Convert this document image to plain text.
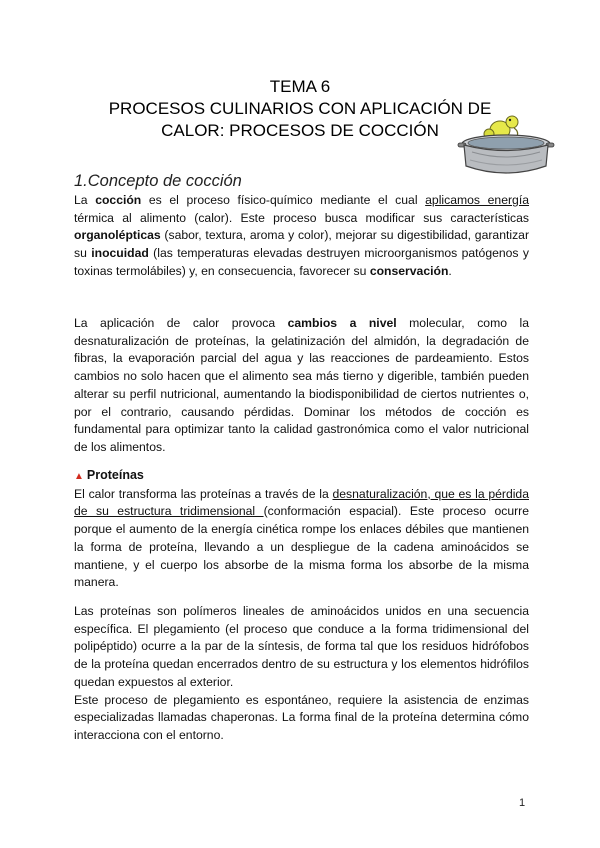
TEMA 6
PROCESOS CULINARIOS CON APLICACIÓN DE
CALOR: PROCESOS DE COCCIÓN
1.Concepto de cocción

La cocción es el proceso físico-químico mediante el cual aplicamos energía térmica al alimento (calor). Este proceso busca modificar sus características organolépticas (sabor, textura, aroma y color), mejorar su digestibilidad, garantizar su inocuidad (las temperaturas elevadas destruyen microorganismos patógenos y toxinas termolábiles) y, en consecuencia, favorecer su conservación.

La aplicación de calor provoca cambios a nivel molecular, como la desnaturalización de proteínas, la gelatinización del almidón, la degradación de fibras, la evaporación parcial del agua y las reacciones de pardeamiento. Estos cambios no solo hacen que el alimento sea más tierno y digerible, también pueden alterar su perfil nutricional, aumentando la biodisponibilidad de ciertos nutrientes o, por el contrario, causando pérdidas. Dominar los métodos de cocción es fundamental para optimizar tanto la calidad gastronómica como el valor nutricional de los alimentos.

▲ Proteínas

El calor transforma las proteínas a través de la desnaturalización, que es la pérdida de su estructura tridimensional (conformación espacial). Este proceso ocurre porque el aumento de la energía cinética rompe los enlaces débiles que mantienen la forma de proteína, llevando a un despliegue de la cadena aminoácidos se mantiene, y el cuerpo los absorbe de la misma forma los absorbe de la misma manera.

Las proteínas son polímeros lineales de aminoácidos unidos en una secuencia específica. El plegamiento (el proceso que conduce a la forma tridimensional del polipéptido) ocurre a la par de la síntesis, de forma tal que los residuos hidrófobos de la proteína quedan encerrados dentro de su estructura y los elementos hidrófilos quedan expuestos al exterior.

Este proceso de plegamiento es espontáneo, requiere la asistencia de enzimas especializadas llamadas chaperonas. La forma final de la proteína determina cómo interacciona con el entorno.

1
